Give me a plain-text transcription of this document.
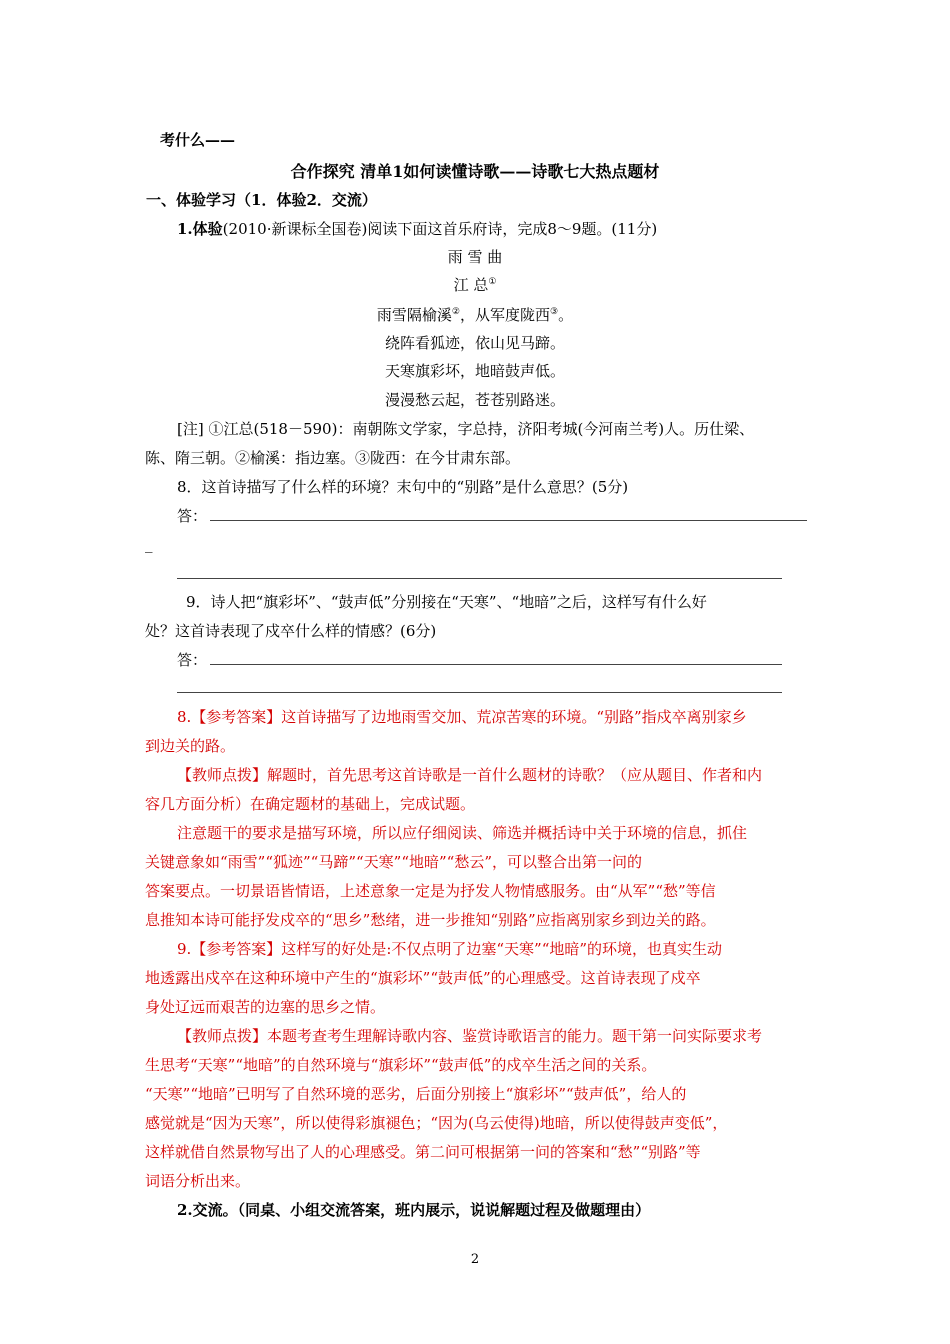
考什么——
合作探究 清单1如何读懂诗歌——诗歌七大热点题材
一、体验学习（1．体验2．交流）
1.体验(2010·新课标全国卷)阅读下面这首乐府诗，完成8～9题。(11分)
雨 雪 曲
江 总①
雨雪隔榆溪②，从军度陇西③。
绕阵看狐迹，依山见马蹄。
天寒旗彩坏，地暗鼓声低。
漫漫愁云起，苍苍别路迷。
[注] ①江总(518－590)：南朝陈文学家，字总持，济阳考城(今河南兰考)人。历仕梁、
陈、隋三朝。②榆溪：指边塞。③陇西：在今甘肃东部。
8．这首诗描写了什么样的环境？末句中的“别路”是什么意思？(5分)
答：
_
9．诗人把“旗彩坏”、“鼓声低”分别接在“天寒”、“地暗”之后，这样写有什么好
处？这首诗表现了戍卒什么样的情感？(6分)
答：
8.【参考答案】这首诗描写了边地雨雪交加、荒凉苦寒的环境。“别路”指戍卒离别家乡
到边关的路。
【教师点拨】解题时，首先思考这首诗歌是一首什么题材的诗歌？（应从题目、作者和内
容几方面分析）在确定题材的基础上，完成试题。
注意题干的要求是描写环境，所以应仔细阅读、筛选并概括诗中关于环境的信息，抓住
关键意象如“雨雪”“狐迹”“马蹄”“天寒”“地暗”“愁云”，可以整合出第一问的
答案要点。一切景语皆情语，上述意象一定是为抒发人物情感服务。由“从军”“愁”等信
息推知本诗可能抒发戍卒的“思乡”愁绪，进一步推知“别路”应指离别家乡到边关的路。
9.【参考答案】这样写的好处是:不仅点明了边塞“天寒”“地暗”的环境，也真实生动
地透露出戍卒在这种环境中产生的“旗彩坏”“鼓声低”的心理感受。这首诗表现了戍卒
身处辽远而艰苦的边塞的思乡之情。
【教师点拨】本题考查考生理解诗歌内容、鉴赏诗歌语言的能力。题干第一问实际要求考
生思考“天寒”“地暗”的自然环境与“旗彩坏”“鼓声低”的戍卒生活之间的关系。
“天寒”“地暗”已明写了自然环境的恶劣，后面分别接上“旗彩坏”“鼓声低”，给人的
感觉就是“因为天寒”，所以使得彩旗褪色；“因为(乌云使得)地暗，所以使得鼓声变低”，
这样就借自然景物写出了人的心理感受。第二问可根据第一问的答案和“愁”“别路”等
词语分析出来。
2.交流。（同桌、小组交流答案，班内展示，说说解题过程及做题理由）
2
